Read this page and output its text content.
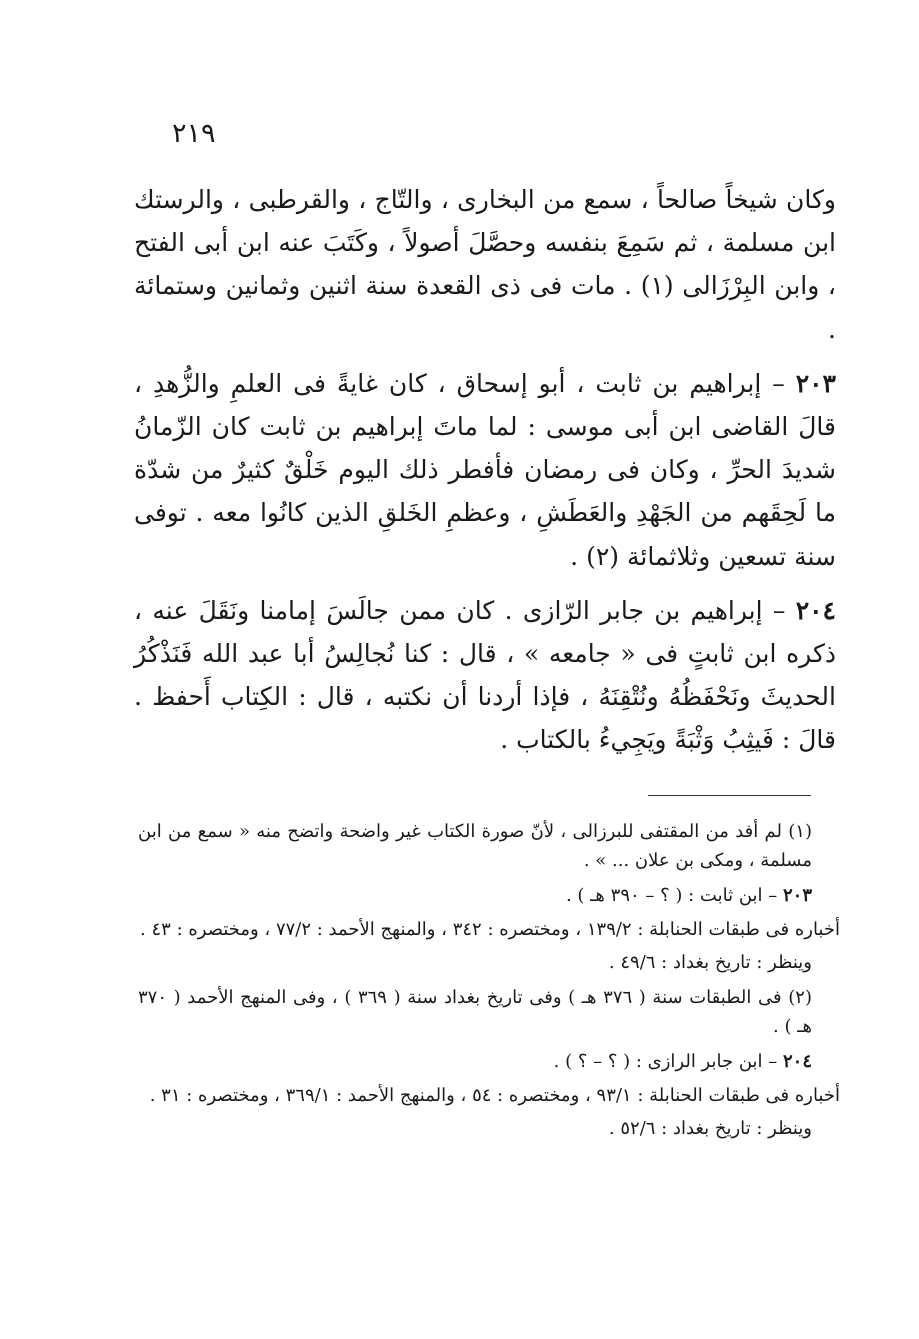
٢١٩

وكان شيخاً صالحاً ، سمع من البخارى ، والتّاج ، والقرطبى ، والرستك ابن مسلمة ، ثم سَمِعَ بنفسه وحصَّلَ أصولاً ، وكَتَبَ عنه ابن أبى الفتح ، وابن البِرْزَالى (١) . مات فى ذى القعدة سنة اثنين وثمانين وستمائة .

٢٠٣ – إبراهيم بن ثابت ، أبو إسحاق ، كان غايةً فى العلمِ والزُّهدِ ، قالَ القاضى ابن أبى موسى : لما ماتَ إبراهيم بن ثابت كان الزّمانُ شديدَ الحرِّ ، وكان فى رمضان فأفطر ذلك اليوم خَلْقٌ كثيرٌ من شدّة ما لَحِقَهم من الجَهْدِ والعَطَشِ ، وعظمِ الخَلقِ الذين كانُوا معه . توفى سنة تسعين وثلاثمائة (٢) .

٢٠٤ – إبراهيم بن جابر الرّازى . كان ممن جالَسَ إمامنا ونَقَلَ عنه ، ذكره ابن ثابتٍ فى « جامعه » ، قال : كنا نُجالِسُ أبا عبد الله فَنَذْكُرُ الحديثَ ونَحْفَظُهُ ونُتْقِنَهُ ، فإذا أردنا أن نكتبه ، قال : الكِتاب أَحفظ . قالَ : فَيثِبُ وَثْبَةً ويَجِيءُ بالكتاب .

(١) لم أفد من المقتفى للبرزالى ، لأنّ صورة الكتاب غير واضحة واتضح منه « سمع من ابن مسلمة ، ومكى بن علان ... » .

٢٠٣ – ابن ثابت : ( ؟ – ٣٩٠ هـ ) .

أخباره فى طبقات الحنابلة : ١٣٩/٢ ، ومختصره : ٣٤٢ ، والمنهج الأحمد : ٧٧/٢ ، ومختصره : ٤٣ .

وينظر : تاريخ بغداد : ٤٩/٦ .

(٢) فى الطبقات سنة ( ٣٧٦ هـ ) وفى تاريخ بغداد سنة ( ٣٦٩ ) ، وفى المنهج الأحمد ( ٣٧٠ هـ ) .

٢٠٤ – ابن جابر الرازى : ( ؟ – ؟ ) .

أخباره فى طبقات الحنابلة : ٩٣/١ ، ومختصره : ٥٤ ، والمنهج الأحمد : ٣٦٩/١ ، ومختصره : ٣١ .

وينظر : تاريخ بغداد : ٥٢/٦ .
